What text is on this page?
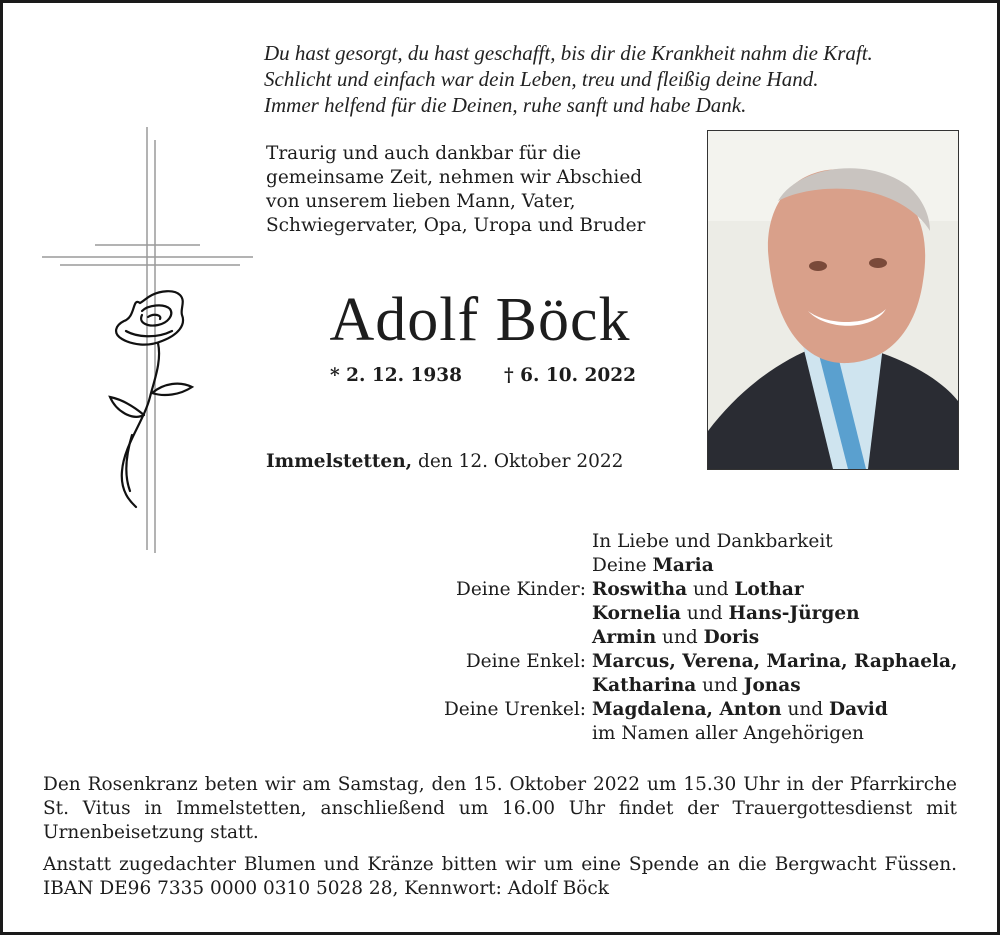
Du hast gesorgt, du hast geschafft, bis dir die Krankheit nahm die Kraft.
Schlicht und einfach war dein Leben, treu und fleißig deine Hand.
Immer helfend für die Deinen, ruhe sanft und habe Dank.
Traurig und auch dankbar für die
gemeinsame Zeit, nehmen wir Abschied
von unserem lieben Mann, Vater,
Schwiegervater, Opa, Uropa und Bruder
Adolf Böck
* 2. 12. 1938 † 6. 10. 2022
Immelstetten, den 12. Oktober 2022
In Liebe und Dankbarkeit
Deine Maria
Deine Kinder: Roswitha und Lothar
Kornelia und Hans-Jürgen
Armin und Doris
Deine Enkel: Marcus, Verena, Marina, Raphaela,
Katharina und Jonas
Deine Urenkel: Magdalena, Anton und David
im Namen aller Angehörigen

Den Rosenkranz beten wir am Samstag, den 15. Oktober 2022 um 15.30 Uhr in der Pfarrkirche St. Vitus in Immelstetten, anschließend um 16.00 Uhr findet der Trauergottesdienst mit Urnenbeisetzung statt.

Anstatt zugedachter Blumen und Kränze bitten wir um eine Spende an die Bergwacht Füssen. IBAN DE96 7335 0000 0310 5028 28, Kennwort: Adolf Böck
